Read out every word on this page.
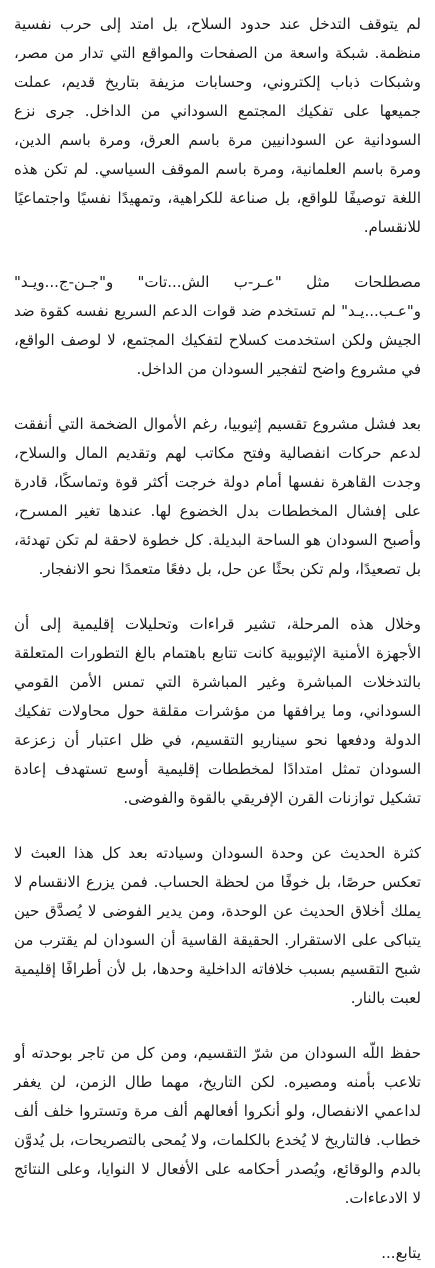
لم يتوقف التدخل عند حدود السلاح، بل امتد إلى حرب نفسية منظمة. شبكة واسعة من الصفحات والمواقع التي تدار من مصر، وشبكات ذباب إلكتروني، وحسابات مزيفة بتاريخ قديم، عملت جميعها على تفكيك المجتمع السوداني من الداخل. جرى نزع السودانية عن السودانيين مرة باسم العرق، ومرة باسم الدين، ومرة باسم العلمانية، ومرة باسم الموقف السياسي. لم تكن هذه اللغة توصيفًا للواقع، بل صناعة للكراهية، وتمهيدًا نفسيًا واجتماعيًا للانقسام.

مصطلحات مثل "عـر-ب الش...تات" و"جـن-ج...ويـد" و"عـب...يـد" لم تستخدم ضد قوات الدعم السريع نفسه كقوة ضد الجيش ولكن استخدمت كسلاح لتفكيك المجتمع، لا لوصف الواقع، في مشروع واضح لتفجير السودان من الداخل.

بعد فشل مشروع تقسيم إثيوبيا، رغم الأموال الضخمة التي أنفقت لدعم حركات انفصالية وفتح مكاتب لهم وتقديم المال والسلاح، وجدت القاهرة نفسها أمام دولة خرجت أكثر قوة وتماسكًا، قادرة على إفشال المخططات بدل الخضوع لها. عندها تغير المسرح، وأصبح السودان هو الساحة البديلة. كل خطوة لاحقة لم تكن تهدئة، بل تصعيدًا، ولم تكن بحثًا عن حل، بل دفعًا متعمدًا نحو الانفجار.

وخلال هذه المرحلة، تشير قراءات وتحليلات إقليمية إلى أن الأجهزة الأمنية الإثيوبية كانت تتابع باهتمام بالغ التطورات المتعلقة بالتدخلات المباشرة وغير المباشرة التي تمس الأمن القومي السوداني، وما يرافقها من مؤشرات مقلقة حول محاولات تفكيك الدولة ودفعها نحو سيناريو التقسيم، في ظل اعتبار أن زعزعة السودان تمثل امتدادًا لمخططات إقليمية أوسع تستهدف إعادة تشكيل توازنات القرن الإفريقي بالقوة والفوضى.

كثرة الحديث عن وحدة السودان وسيادته بعد كل هذا العبث لا تعكس حرصًا، بل خوفًا من لحظة الحساب. فمن يزرع الانقسام لا يملك أخلاق الحديث عن الوحدة، ومن يدير الفوضى لا يُصدَّق حين يتباكى على الاستقرار. الحقيقة القاسية أن السودان لم يقترب من شبح التقسيم بسبب خلافاته الداخلية وحدها، بل لأن أطرافًا إقليمية لعبت بالنار.

حفظ اللّه السودان من شرّ التقسيم، ومن كل من تاجر بوحدته أو تلاعب بأمنه ومصيره. لكن التاريخ، مهما طال الزمن، لن يغفر لداعمي الانفصال، ولو أنكروا أفعالهم ألف مرة وتستروا خلف ألف خطاب. فالتاريخ لا يُخدع بالكلمات، ولا يُمحى بالتصريحات، بل يُدوَّن بالدم والوقائع، ويُصدر أحكامه على الأفعال لا النوايا، وعلى النتائج لا الادعاءات.

يتابع...
